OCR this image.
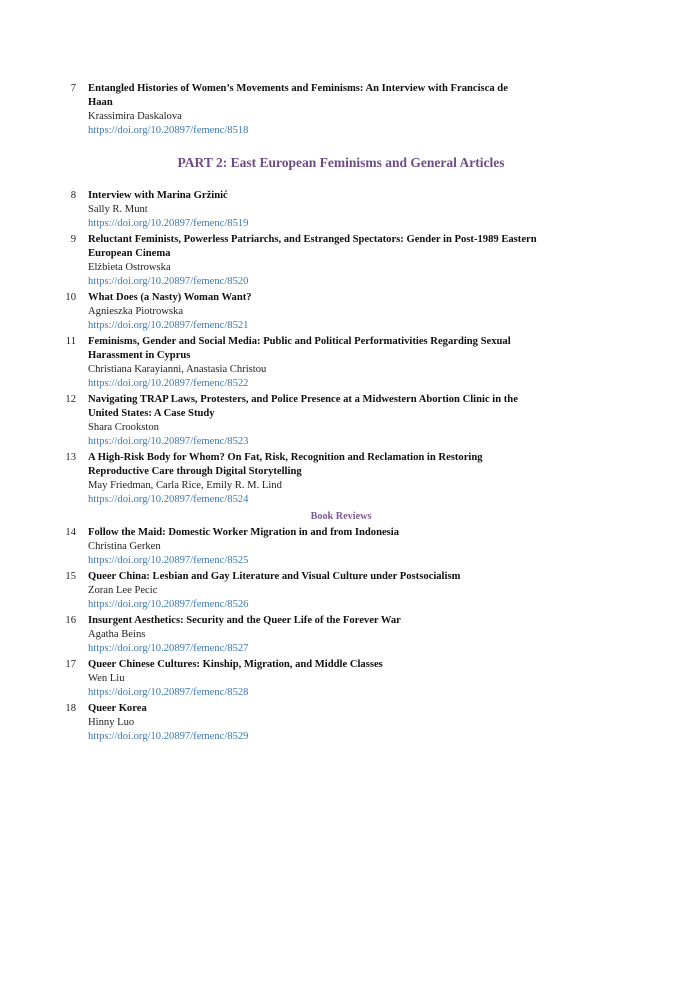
7 Entangled Histories of Women’s Movements and Feminisms: An Interview with Francisca de
Haan
Krassimira Daskalova
https://doi.org/10.20897/femenc/8518
PART 2: East European Feminisms and General Articles
8 Interview with Marina Gržinić
Sally R. Munt
https://doi.org/10.20897/femenc/8519
9 Reluctant Feminists, Powerless Patriarchs, and Estranged Spectators: Gender in Post-1989 Eastern
European Cinema
Elżbieta Ostrowska
https://doi.org/10.20897/femenc/8520
10 What Does (a Nasty) Woman Want?
Agnieszka Piotrowska
https://doi.org/10.20897/femenc/8521
11 Feminisms, Gender and Social Media: Public and Political Performativities Regarding Sexual
Harassment in Cyprus
Christiana Karayianni, Anastasia Christou
https://doi.org/10.20897/femenc/8522
12 Navigating TRAP Laws, Protesters, and Police Presence at a Midwestern Abortion Clinic in the
United States: A Case Study
Shara Crookston
https://doi.org/10.20897/femenc/8523
13 A High-Risk Body for Whom? On Fat, Risk, Recognition and Reclamation in Restoring
Reproductive Care through Digital Storytelling
May Friedman, Carla Rice, Emily R. M. Lind
https://doi.org/10.20897/femenc/8524
Book Reviews
14 Follow the Maid: Domestic Worker Migration in and from Indonesia
Christina Gerken
https://doi.org/10.20897/femenc/8525
15 Queer China: Lesbian and Gay Literature and Visual Culture under Postsocialism
Zoran Lee Pecic
https://doi.org/10.20897/femenc/8526
16 Insurgent Aesthetics: Security and the Queer Life of the Forever War
Agatha Beins
https://doi.org/10.20897/femenc/8527
17 Queer Chinese Cultures: Kinship, Migration, and Middle Classes
Wen Liu
https://doi.org/10.20897/femenc/8528
18 Queer Korea
Hinny Luo
https://doi.org/10.20897/femenc/8529
